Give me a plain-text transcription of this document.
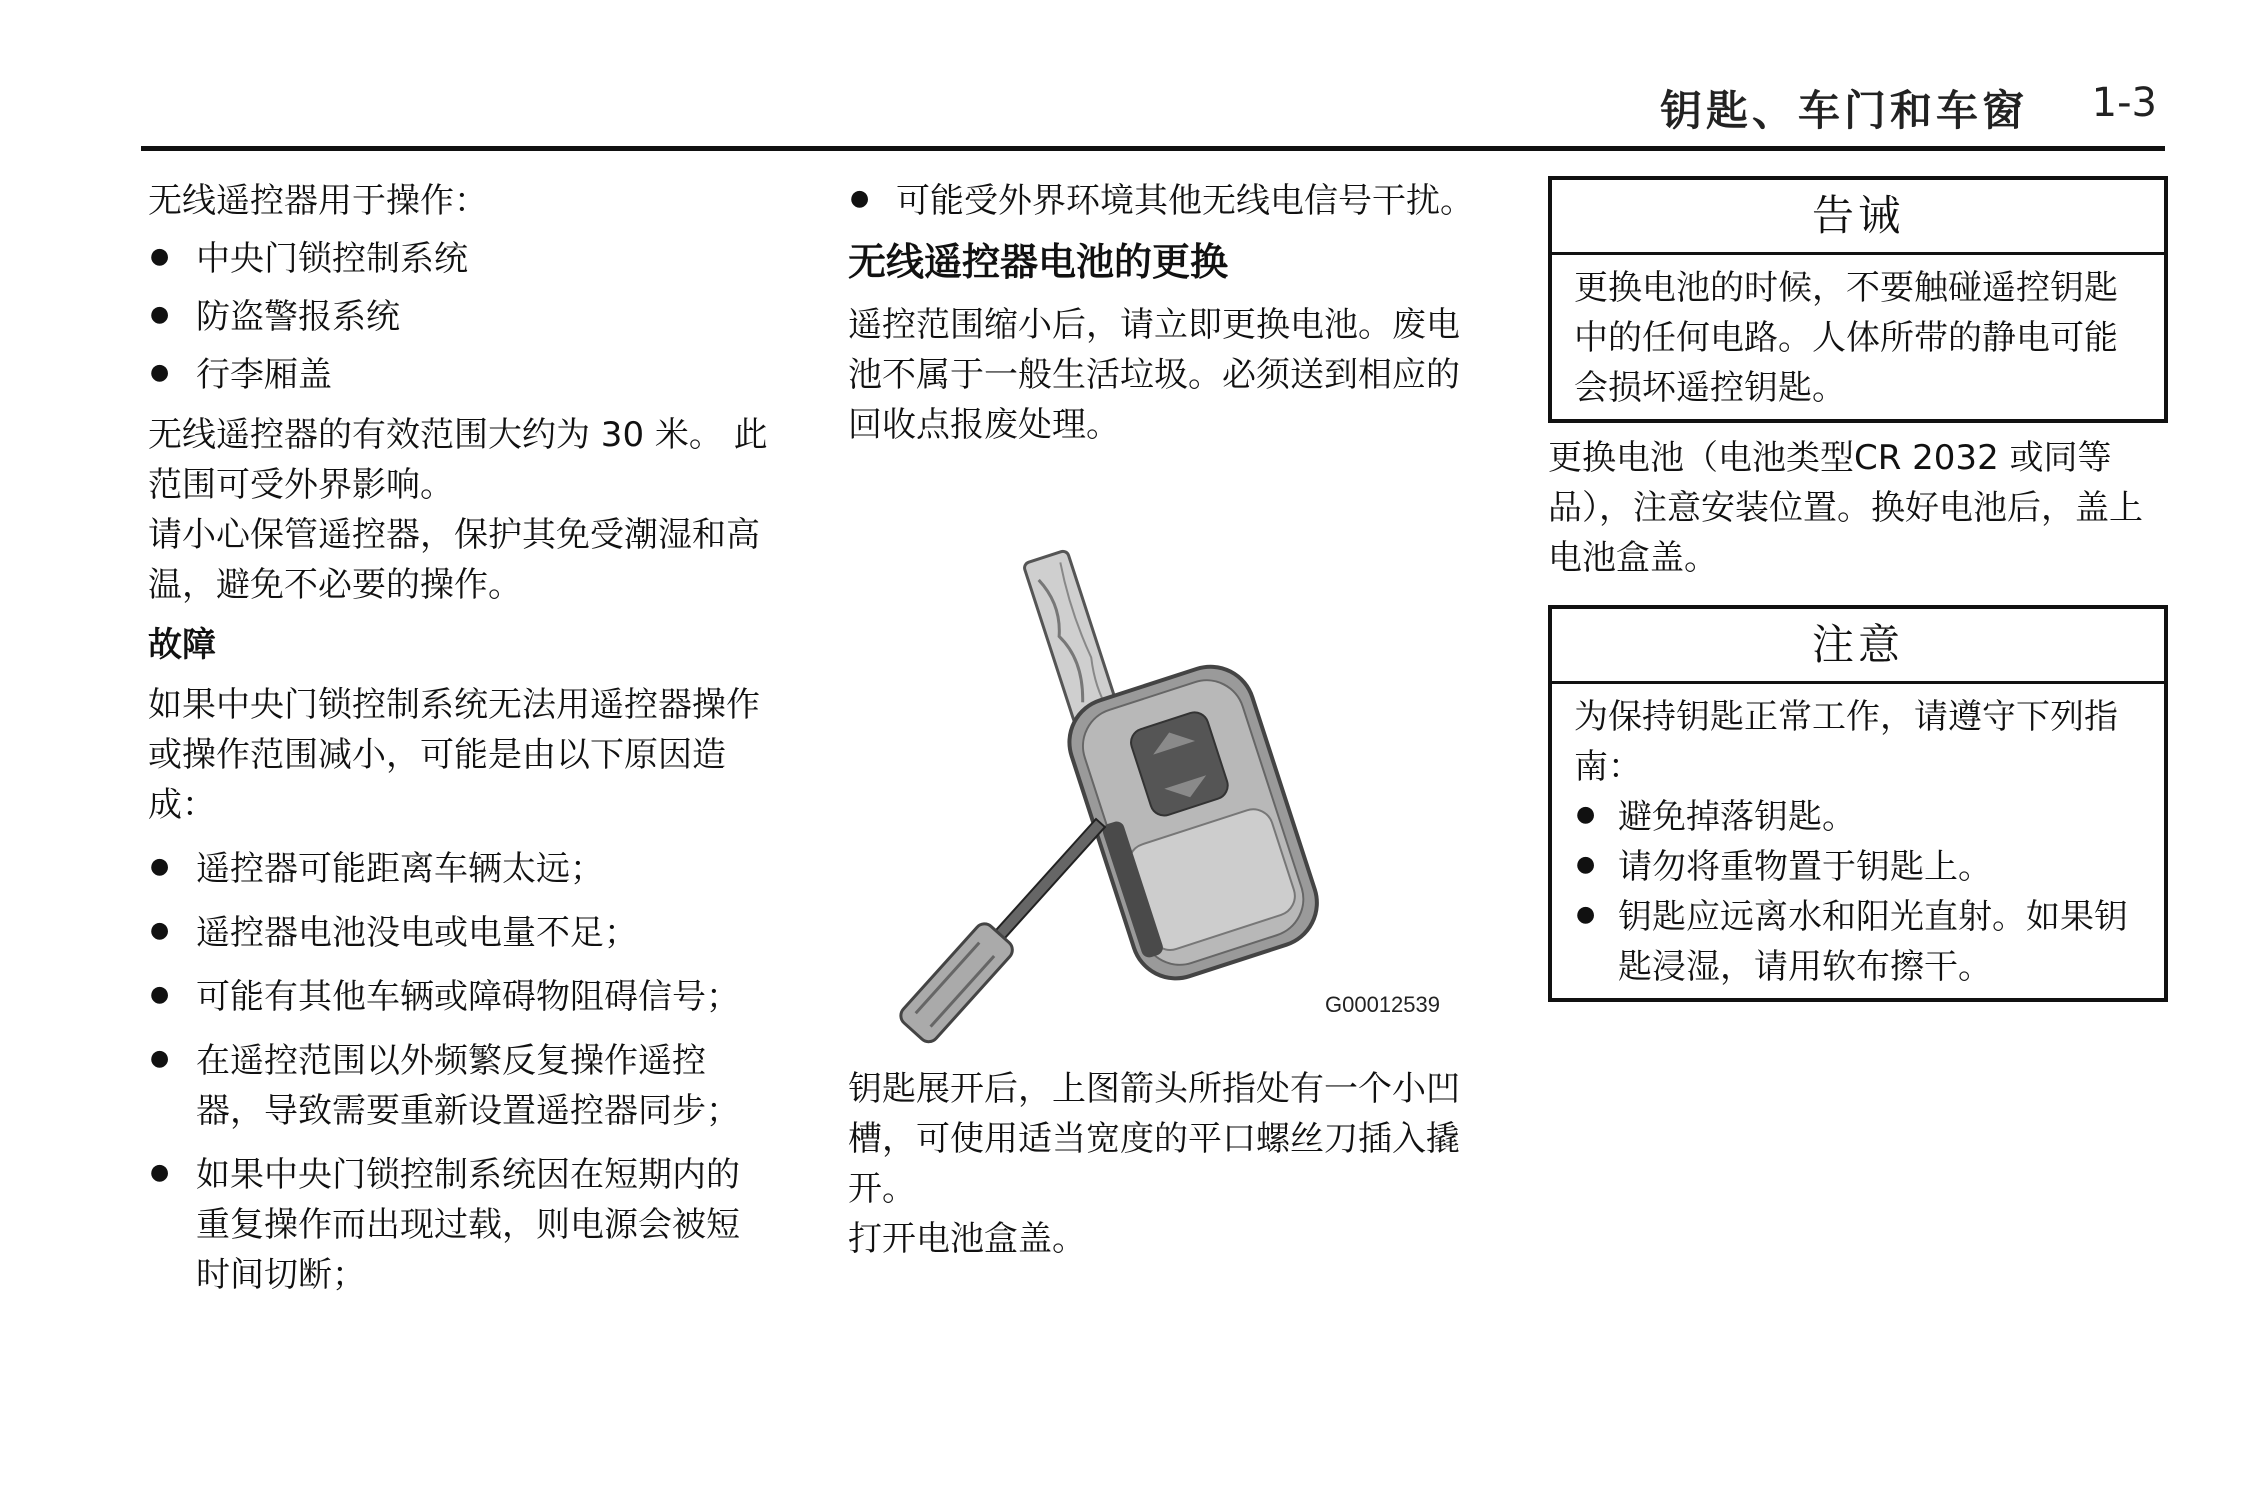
钥匙、车门和车窗 1-3

无线遥控器用于操作：

● 中央门锁控制系统
● 防盗警报系统
● 行李厢盖

无线遥控器的有效范围大约为 30 米。 此范围可受外界影响。

请小心保管遥控器，保护其免受潮湿和高温，避免不必要的操作。

故障

如果中央门锁控制系统无法用遥控器操作或操作范围减小，可能是由以下原因造成：

● 遥控器可能距离车辆太远；
● 遥控器电池没电或电量不足；
● 可能有其他车辆或障碍物阻碍信号；
● 在遥控范围以外频繁反复操作遥控器，导致需要重新设置遥控器同步；
● 如果中央门锁控制系统因在短期内的重复操作而出现过载，则电源会被短时间切断；
● 可能受外界环境其他无线电信号干扰。

无线遥控器电池的更换

遥控范围缩小后，请立即更换电池。废电池不属于一般生活垃圾。必须送到相应的回收点报废处理。

G00012539

钥匙展开后，上图箭头所指处有一个小凹槽，可使用适当宽度的平口螺丝刀插入撬开。

打开电池盒盖。

告诫
更换电池的时候，不要触碰遥控钥匙中的任何电路。人体所带的静电可能会损坏遥控钥匙。

更换电池（电池类型CR 2032 或同等品），注意安装位置。换好电池后，盖上电池盒盖。

注意

为保持钥匙正常工作，请遵守下列指南：

● 避免掉落钥匙。
● 请勿将重物置于钥匙上。
● 钥匙应远离水和阳光直射。如果钥匙浸湿，请用软布擦干。
